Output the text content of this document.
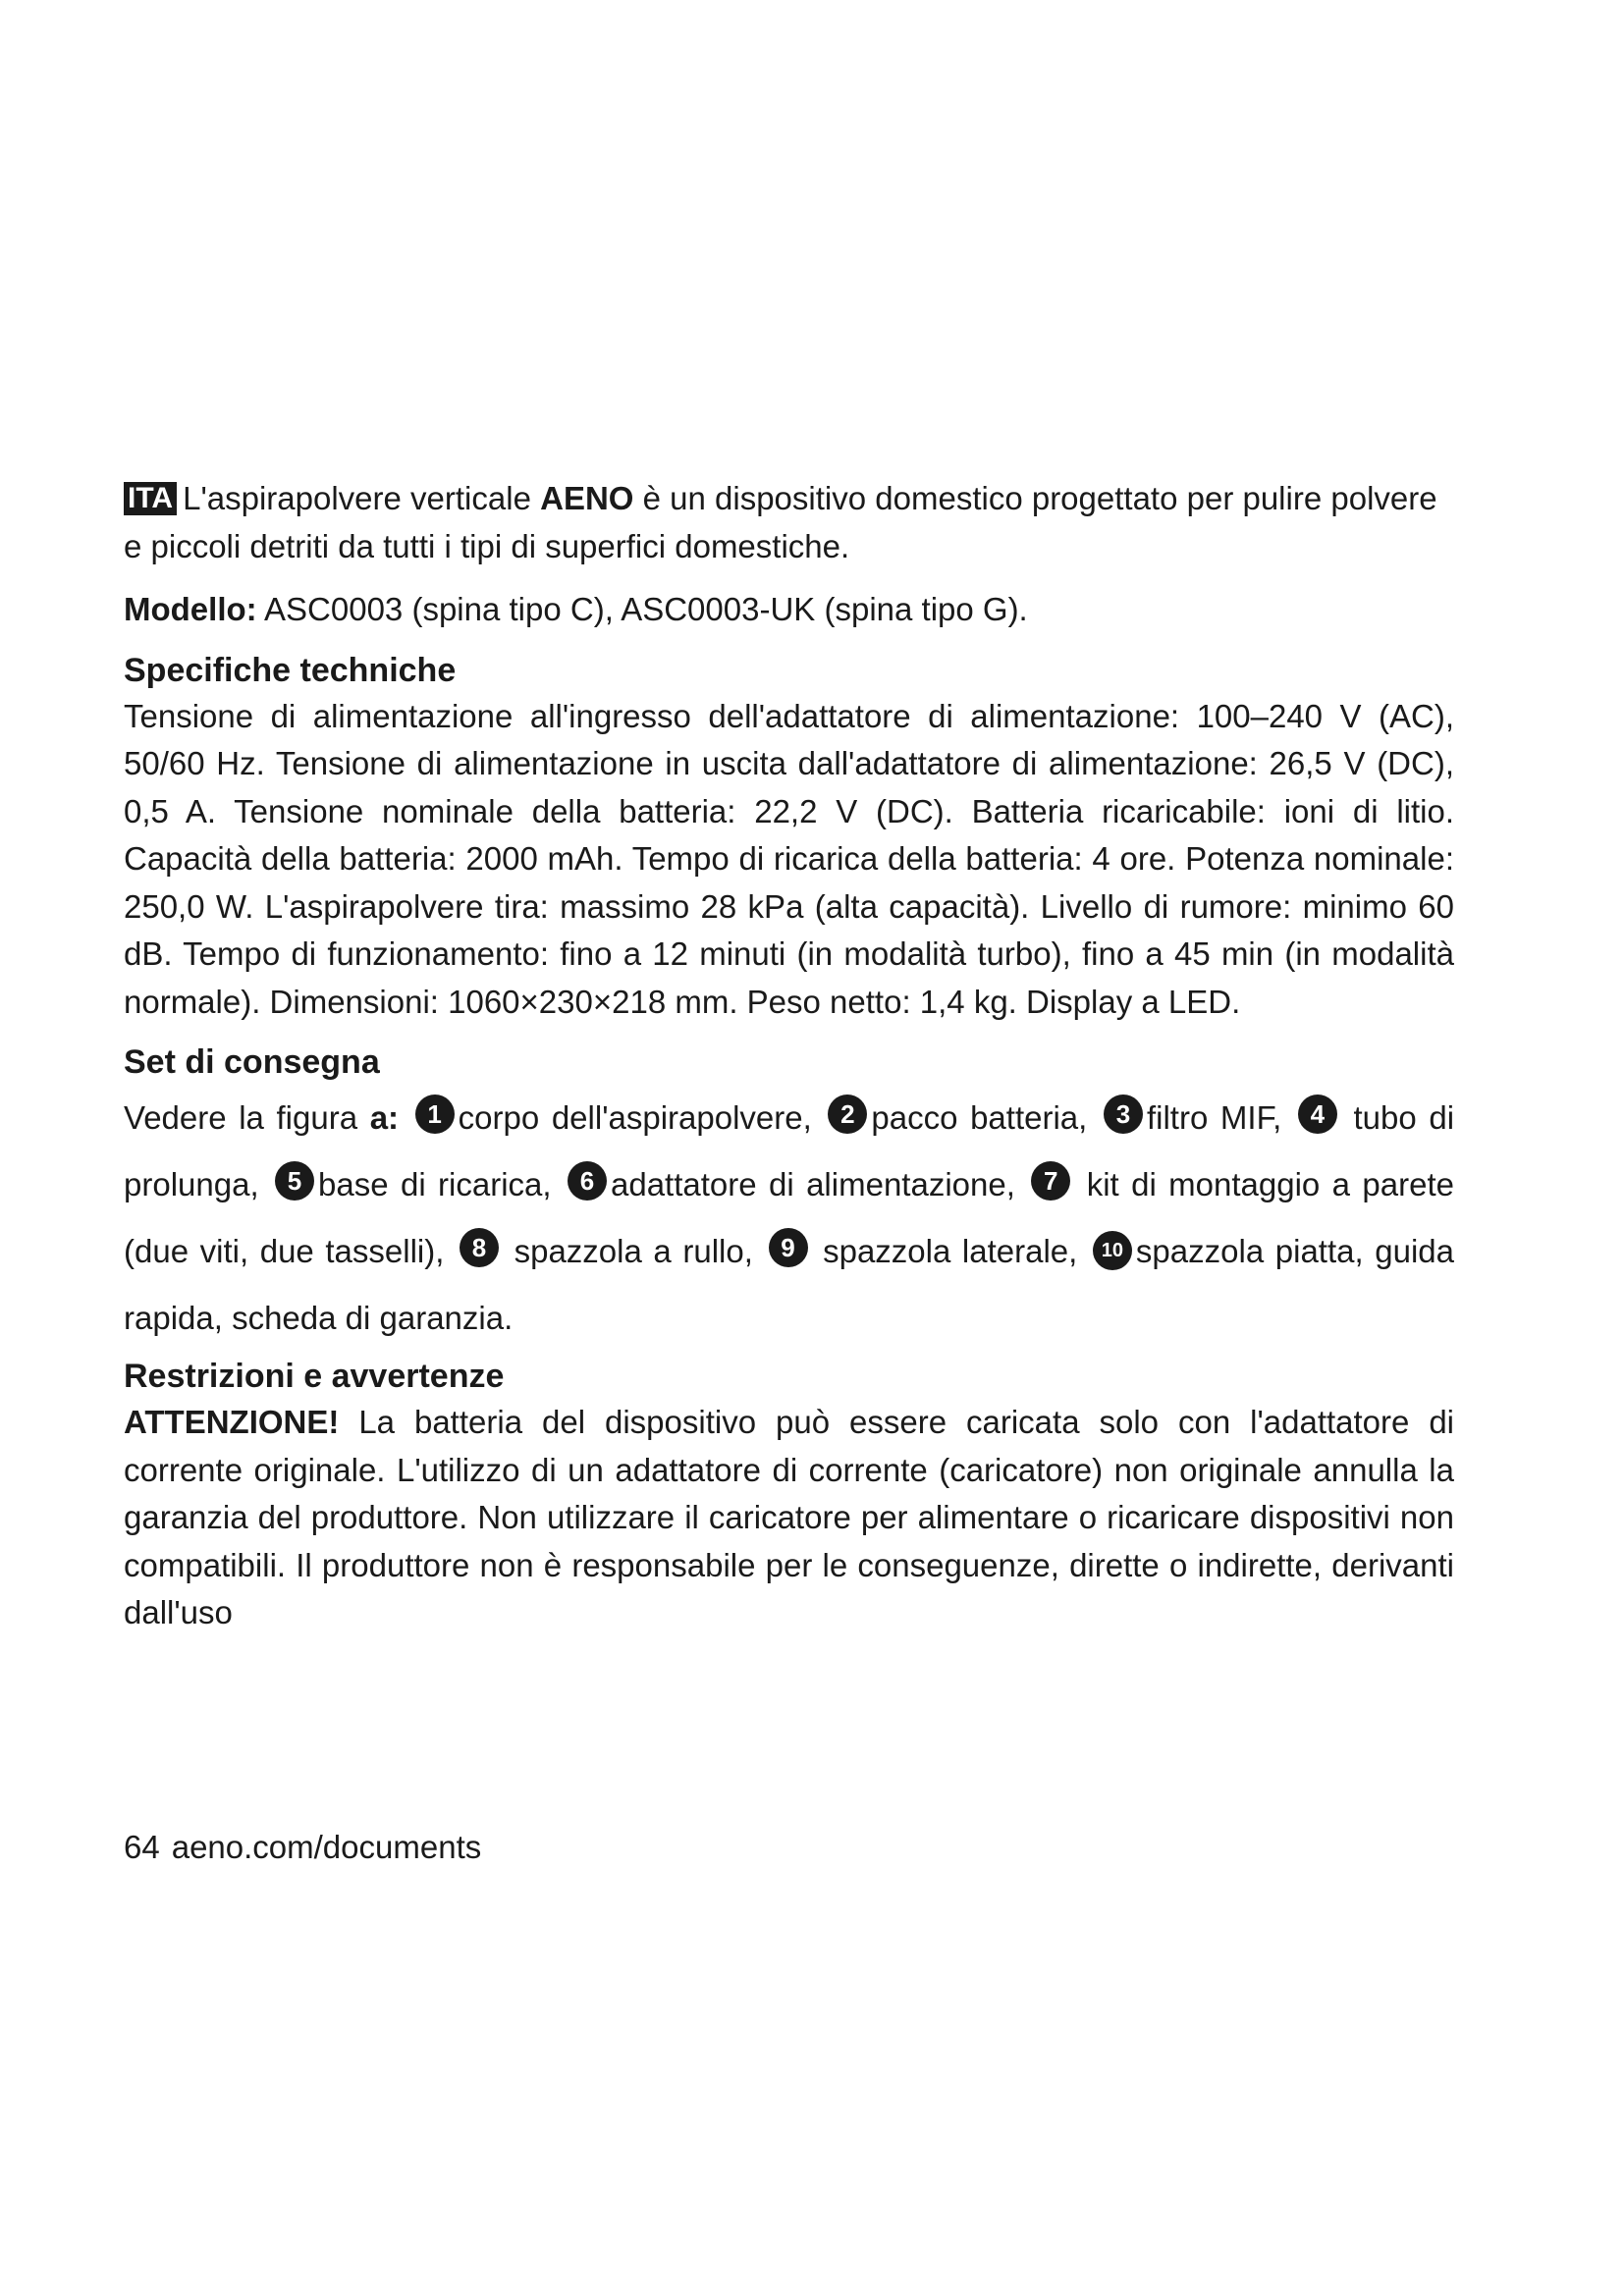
ITA L'aspirapolvere verticale AENO è un dispositivo domestico progettato per pulire polvere e piccoli detriti da tutti i tipi di superfici domestiche.

Modello: ASC0003 (spina tipo C), ASC0003-UK (spina tipo G).

Specifiche techniche

Tensione di alimentazione all'ingresso dell'adattatore di alimentazione: 100–240 V (AC), 50/60 Hz. Tensione di alimentazione in uscita dall'adattatore di alimentazione: 26,5 V (DC), 0,5 A. Tensione nominale della batteria: 22,2 V (DC). Batteria ricaricabile: ioni di litio. Capacità della batteria: 2000 mAh. Tempo di ricarica della batteria: 4 ore. Potenza nominale: 250,0 W. L'aspirapolvere tira: massimo 28 kPa (alta capacità). Livello di rumore: minimo 60 dB. Tempo di funzionamento: fino a 12 minuti (in modalità turbo), fino a 45 min (in modalità normale). Dimensioni: 1060×230×218 mm. Peso netto: 1,4 kg. Display a LED.

Set di consegna

Vedere la figura a: 1 corpo dell'aspirapolvere, 2 pacco batteria, 3 filtro MIF, 4 tubo di prolunga, 5 base di ricarica, 6 adattatore di alimentazione, 7 kit di montaggio a parete (due viti, due tasselli), 8 spazzola a rullo, 9 spazzola laterale, 10 spazzola piatta, guida rapida, scheda di garanzia.

Restrizioni e avvertenze

ATTENZIONE! La batteria del dispositivo può essere caricata solo con l'adattatore di corrente originale. L'utilizzo di un adattatore di corrente (caricatore) non originale annulla la garanzia del produttore. Non utilizzare il caricatore per alimentare o ricaricare dispositivi non compatibili. Il produttore non è responsabile per le conseguenze, dirette o indirette, derivanti dall'uso

64 aeno.com/documents
